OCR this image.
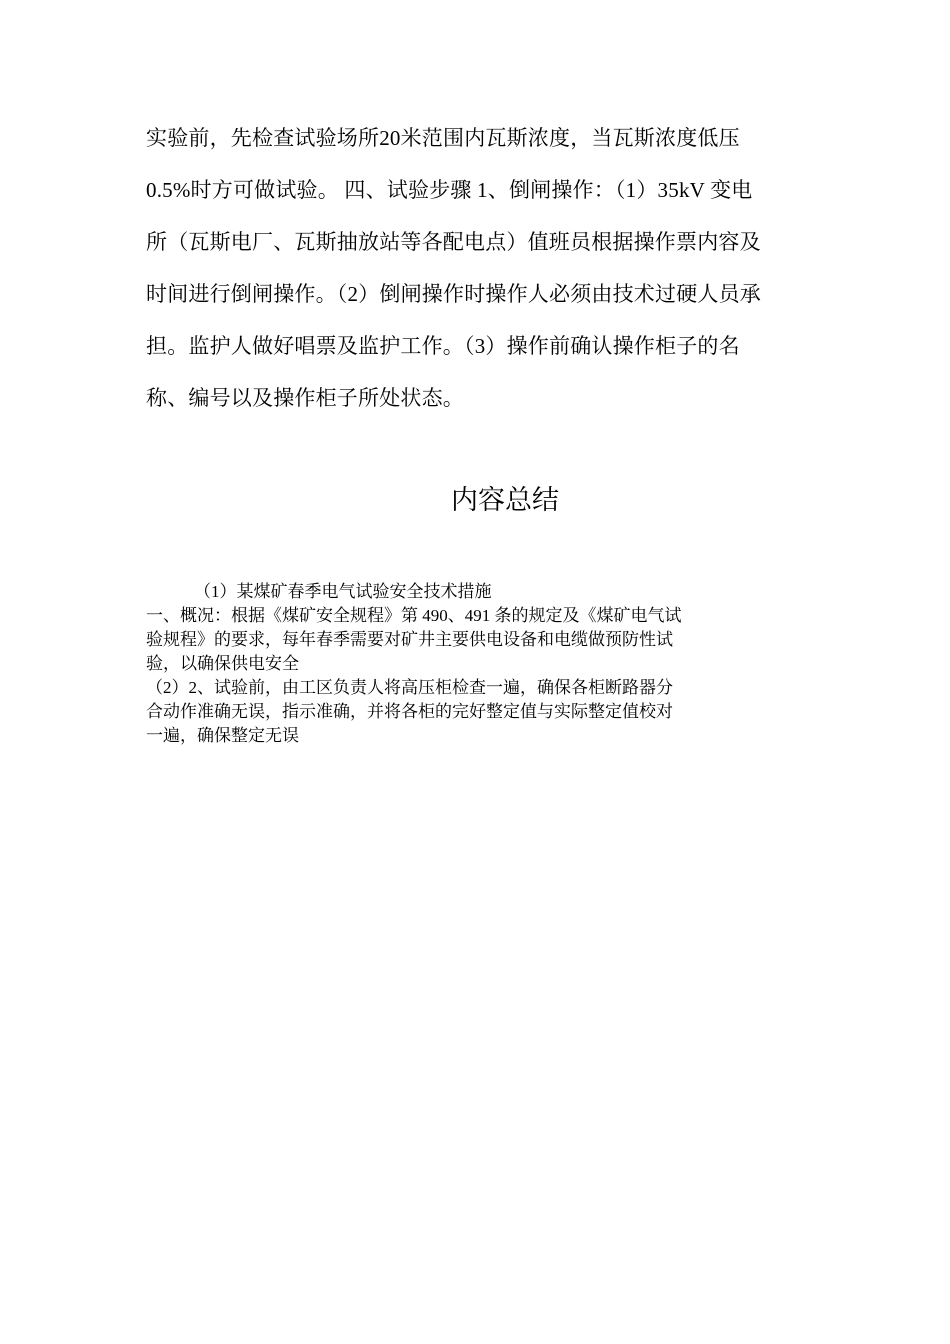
实验前，先检查试验场所20米范围内瓦斯浓度，当瓦斯浓度低压
0.5%时方可做试验。 四、试验步骤 1、倒闸操作：（1）35kV 变电
所（瓦斯电厂、瓦斯抽放站等各配电点）值班员根据操作票内容及
时间进行倒闸操作。（2）倒闸操作时操作人必须由技术过硬人员承
担。监护人做好唱票及监护工作。（3）操作前确认操作柜子的名
称、编号以及操作柜子所处状态。
内容总结
（1）某煤矿春季电气试验安全技术措施
一、概况：根据《煤矿安全规程》第 490、491 条的规定及《煤矿电气试
验规程》的要求，每年春季需要对矿井主要供电设备和电缆做预防性试
验，以确保供电安全
（2）2、试验前，由工区负责人将高压柜检查一遍，确保各柜断路器分
合动作准确无误，指示准确，并将各柜的完好整定值与实际整定值校对
一遍，确保整定无误
